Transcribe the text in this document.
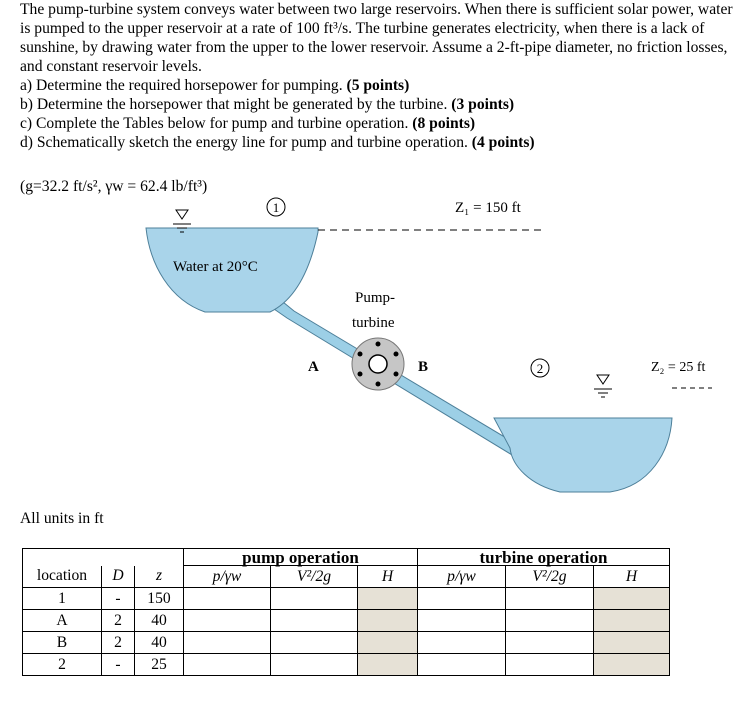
The pump-turbine system conveys water between two large reservoirs. When there is sufficient solar power, water is pumped to the upper reservoir at a rate of 100 ft³/s. The turbine generates electricity, when there is a lack of sunshine, by drawing water from the upper to the lower reservoir. Assume a 2-ft-pipe diameter, no friction losses, and constant reservoir levels.

a) Determine the required horsepower for pumping. (5 points)

b) Determine the horsepower that might be generated by the turbine. (3 points)

c) Complete the Tables below for pump and turbine operation. (8 points)

d) Schematically sketch the energy line for pump and turbine operation. (4 points)

(g=32.2 ft/s², γw = 62.4 lb/ft³)
1
2
Z₁ = 150 ft
Z₂ = 25 ft
Water at 20°C
Pump-
turbine
A	B
All units in ft
			pump operation			turbine operation		
location	D	z	p/γw	V²/2g	H	p/γw	V²/2g	H
1	-	150						
A	2	40						
B	2	40						
2	-	25						
